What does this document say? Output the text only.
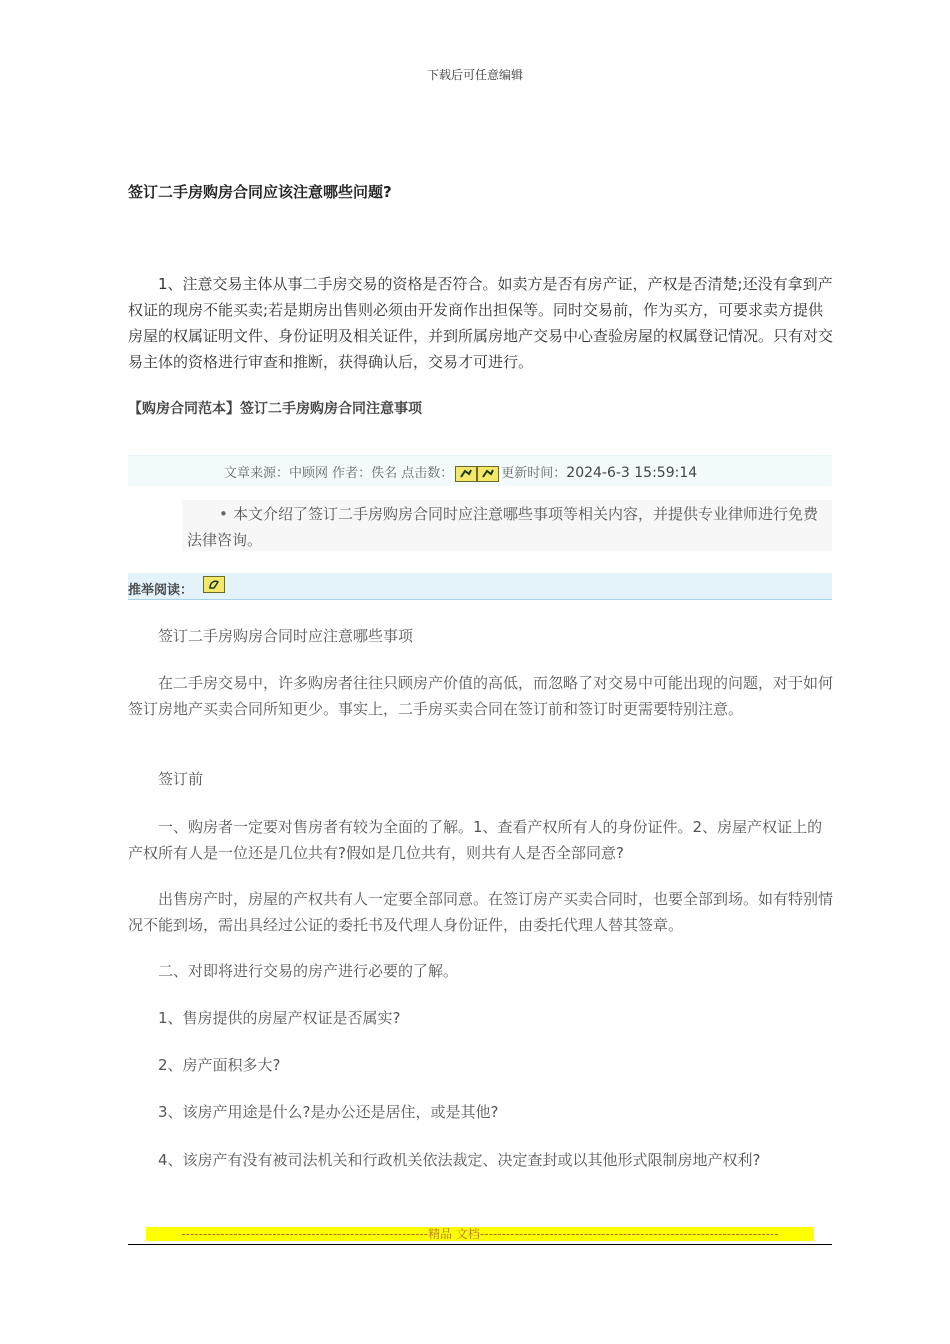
下载后可任意编辑
签订二手房购房合同应该注意哪些问题?
1、注意交易主体从事二手房交易的资格是否符合。如卖方是否有房产证，产权是否清楚;还没有拿到产权证的现房不能买卖;若是期房出售则必须由开发商作出担保等。同时交易前，作为买方，可要求卖方提供房屋的权属证明文件、身份证明及相关证件，并到所属房地产交易中心查验房屋的权属登记情况。只有对交易主体的资格进行审查和推断，获得确认后，交易才可进行。
【购房合同范本】签订二手房购房合同注意事项
文章来源：中顾网 作者：佚名 点击数：	更新时间：2024-6-3 15:59:14
• 本文介绍了签订二手房购房合同时应注意哪些事项等相关内容，并提供专业律师进行免费法律咨询。
推举阅读：
签订二手房购房合同时应注意哪些事项
在二手房交易中，许多购房者往往只顾房产价值的高低，而忽略了对交易中可能出现的问题，对于如何签订房地产买卖合同所知更少。事实上，二手房买卖合同在签订前和签订时更需要特别注意。
签订前
一、购房者一定要对售房者有较为全面的了解。1、查看产权所有人的身份证件。2、房屋产权证上的产权所有人是一位还是几位共有?假如是几位共有，则共有人是否全部同意?
出售房产时，房屋的产权共有人一定要全部同意。在签订房产买卖合同时，也要全部到场。如有特别情况不能到场，需出具经过公证的委托书及代理人身份证件，由委托代理人替其签章。
二、对即将进行交易的房产进行必要的了解。
1、售房提供的房屋产权证是否属实?
2、房产面积多大?
3、该房产用途是什么?是办公还是居住，或是其他?
4、该房产有没有被司法机关和行政机关依法裁定、决定查封或以其他形式限制房地产权利?
---------------------------------------------------------精品 文档---------------------------------------------------------------------
